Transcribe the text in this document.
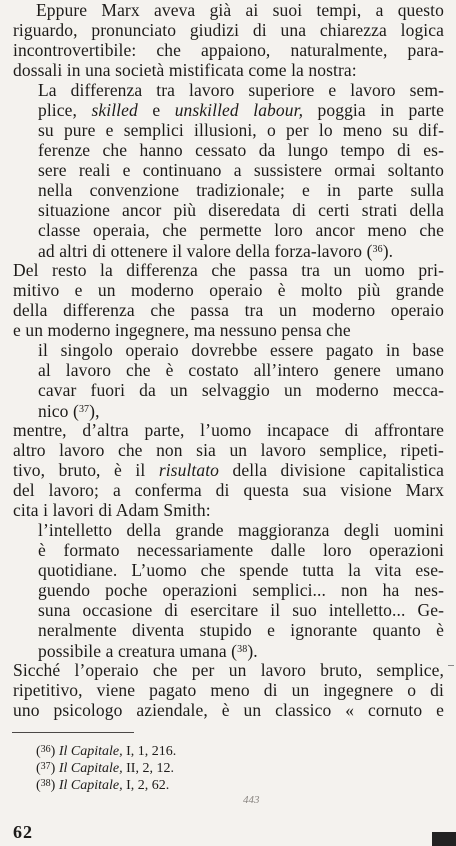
Eppure Marx aveva già ai suoi tempi, a questo
riguardo, pronunciato giudizi di una chiarezza logica
incontrovertibile: che appaiono, naturalmente, para-
dossali in una società mistificata come la nostra:
La differenza tra lavoro superiore e lavoro sem-
plice, skilled e unskilled labour, poggia in parte
su pure e semplici illusioni, o per lo meno su dif-
ferenze che hanno cessato da lungo tempo di es-
sere reali e continuano a sussistere ormai soltanto
nella convenzione tradizionale; e in parte sulla
situazione ancor più diseredata di certi strati della
classe operaia, che permette loro ancor meno che
ad altri di ottenere il valore della forza-lavoro ($^{36}$).
Del resto la differenza che passa tra un uomo pri-
mitivo e un moderno operaio è molto più grande
della differenza che passa tra un moderno operaio
e un moderno ingegnere, ma nessuno pensa che
il singolo operaio dovrebbe essere pagato in base
al lavoro che è costato all’intero genere umano
cavar fuori da un selvaggio un moderno mecca-
nico ($^{37}$),
mentre, d’altra parte, l’uomo incapace di affrontare
altro lavoro che non sia un lavoro semplice, ripeti-
tivo, bruto, è il risultato della divisione capitalistica
del lavoro; a conferma di questa sua visione Marx
cita i lavori di Adam Smith:
l’intelletto della grande maggioranza degli uomini
è formato necessariamente dalle loro operazioni
quotidiane. L’uomo che spende tutta la vita ese-
guendo poche operazioni semplici... non ha nes-
suna occasione di esercitare il suo intelletto... Ge-
neralmente diventa stupido e ignorante quanto è
possibile a creatura umana ($^{38}$).
Sicché l’operaio che per un lavoro bruto, semplice,
ripetitivo, viene pagato meno di un ingegnere o di
uno psicologo aziendale, è un classico « cornuto e
($^{36}$) Il Capitale, I, 1, 216.
($^{37}$) Il Capitale, II, 2, 12.
($^{38}$) Il Capitale, I, 2, 62.
443
62
